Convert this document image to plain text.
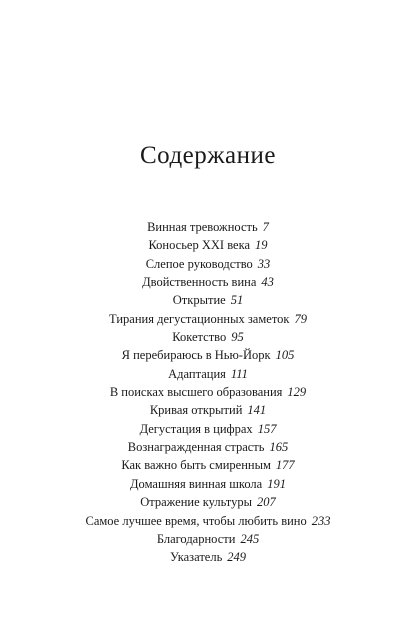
Содержание
Винная тревожность 7
Коносьер XXI века 19
Слепое руководство 33
Двойственность вина 43
Открытие 51
Тирания дегустационных заметок 79
Кокетство 95
Я перебираюсь в Нью-Йорк 105
Адаптация 111
В поисках высшего образования 129
Кривая открытий 141
Дегустация в цифрах 157
Вознагражденная страсть 165
Как важно быть смиренным 177
Домашняя винная школа 191
Отражение культуры 207
Самое лучшее время, чтобы любить вино 233
Благодарности 245
Указатель 249
